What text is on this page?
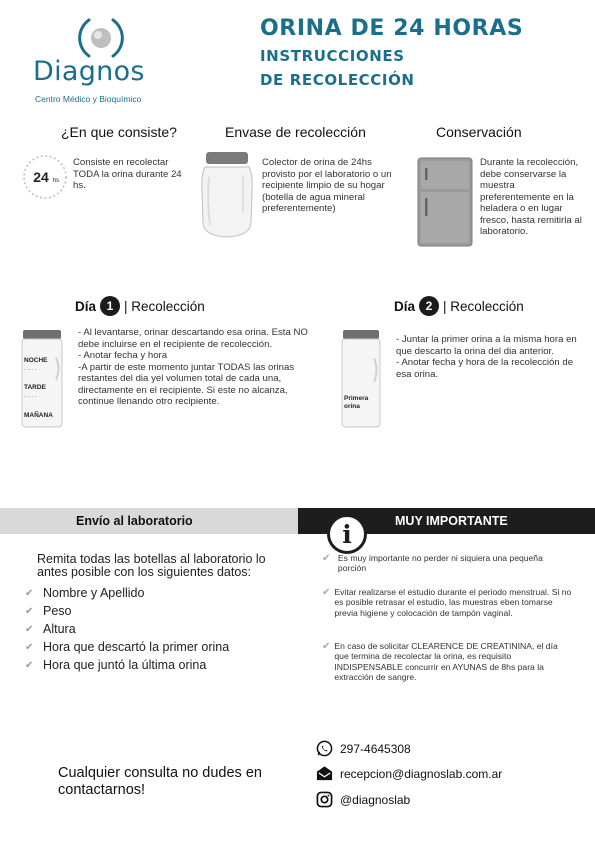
Diagnos
Centro Médico y Bioquímico
ORINA DE 24 HORAS
INSTRUCCIONES
DE RECOLECCIÓN
¿En que consiste?	Envase de recolección	Conservación
24 hs
Consiste en recolectar TODA la orina durante 24 hs.
Colector de orina de 24hs provisto por el laboratorio o un recipiente limpio de su hogar (botella de agua mineral preferentemente)
Durante la recolección, debe conservarse la muestra preferentemente en la heladera o en lugar fresco, hasta remitirla al laboratorio.
Día 1 | Recolección	Día 2 | Recolección
NOCHE
- - - -
TARDE
- - - -
MAÑANA
- Al levantarse, orinar descartando esa orina. Esta NO debe incluirse en el recipiente de recolección.
- Anotar fecha y hora
-A partir de este momento juntar TODAS las orinas restantes del dia yel volumen total de cada una, directamente en el recipiente. Si este no alcanza, continue llenando otro recipiente.	Primera
orina
- Juntar la primer orina a la misma hora en que descarto la orina del dia anterior.
- Anotar fecha y hora de la recolección de esa orina.
Envío al laboratorio	MUY IMPORTANTE
i
Remita todas las botellas al laboratorio lo antes posible con los siguientes datos:
✔ Nombre y Apellido
✔ Peso
✔ Altura
✔ Hora que descartó la primer orina
✔ Hora que juntó la última orina
✔ Es muy importante no perder ni siquiera una pequeña porción
✔ Evitar realizarse el estudio durante el periodo menstrual. Si no es posible retrasar el estudio, las muestras eben tomarse previa higiene y colocación de tampón vaginal.
✔ En caso de solicitar CLEARENCE DE CREATININA, el día que termina de recolectar la orina, es requisito INDISPENSABLE concurrir en AYUNAS de 8hs para la extracción de sangre.
Cualquier consulta no dudes en contactarnos!
297-4645308
recepcion@diagnoslab.com.ar
@diagnoslab
